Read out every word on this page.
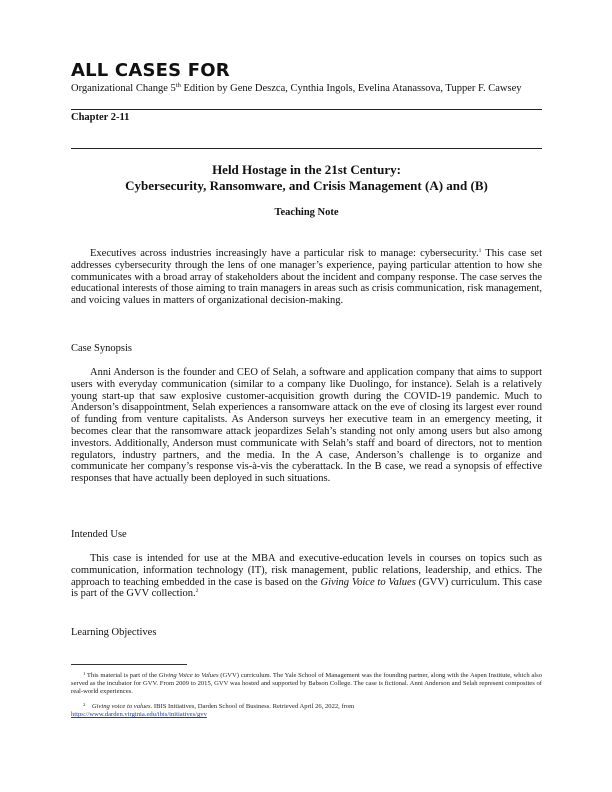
ALL CASES FOR
Organizational Change 5th Edition by Gene Deszca, Cynthia Ingols, Evelina Atanassova, Tupper F. Cawsey
Chapter 2-11
Held Hostage in the 21st Century:
Cybersecurity, Ransomware, and Crisis Management (A) and (B)
Teaching Note
Executives across industries increasingly have a particular risk to manage: cybersecurity.$^1$ This case set addresses cybersecurity through the lens of one manager’s experience, paying particular attention to how she communicates with a broad array of stakeholders about the incident and company response. The case serves the educational interests of those aiming to train managers in areas such as crisis communication, risk management, and voicing values in matters of organizational decision-making.
Case Synopsis
Anni Anderson is the founder and CEO of Selah, a software and application company that aims to support users with everyday communication (similar to a company like Duolingo, for instance). Selah is a relatively young start-up that saw explosive customer-acquisition growth during the COVID-19 pandemic. Much to Anderson’s disappointment, Selah experiences a ransomware attack on the eve of closing its largest ever round of funding from venture capitalists. As Anderson surveys her executive team in an emergency meeting, it becomes clear that the ransomware attack jeopardizes Selah’s standing not only among users but also among investors. Additionally, Anderson must communicate with Selah’s staff and board of directors, not to mention regulators, industry partners, and the media. In the A case, Anderson’s challenge is to organize and communicate her company’s response vis-à-vis the cyberattack. In the B case, we read a synopsis of effective responses that have actually been deployed in such situations.
Intended Use
This case is intended for use at the MBA and executive-education levels in courses on topics such as communication, information technology (IT), risk management, public relations, leadership, and ethics. The approach to teaching embedded in the case is based on the Giving Voice to Values (GVV) curriculum. This case is part of the GVV collection.$^2$
Learning Objectives
$^1$ This material is part of the Giving Voice to Values (GVV) curriculum. The Yale School of Management was the founding partner, along with the Aspen Institute, which also served as the incubator for GVV. From 2009 to 2015, GVV was hosted and supported by Babson College. The case is fictional. Anni Anderson and Selah represent composites of real-world experiences.
$^2$ Giving voice to values. IBIS Initiatives, Darden School of Business. Retrieved April 26, 2022, from
https://www.darden.virginia.edu/ibis/initiatives/gvv
